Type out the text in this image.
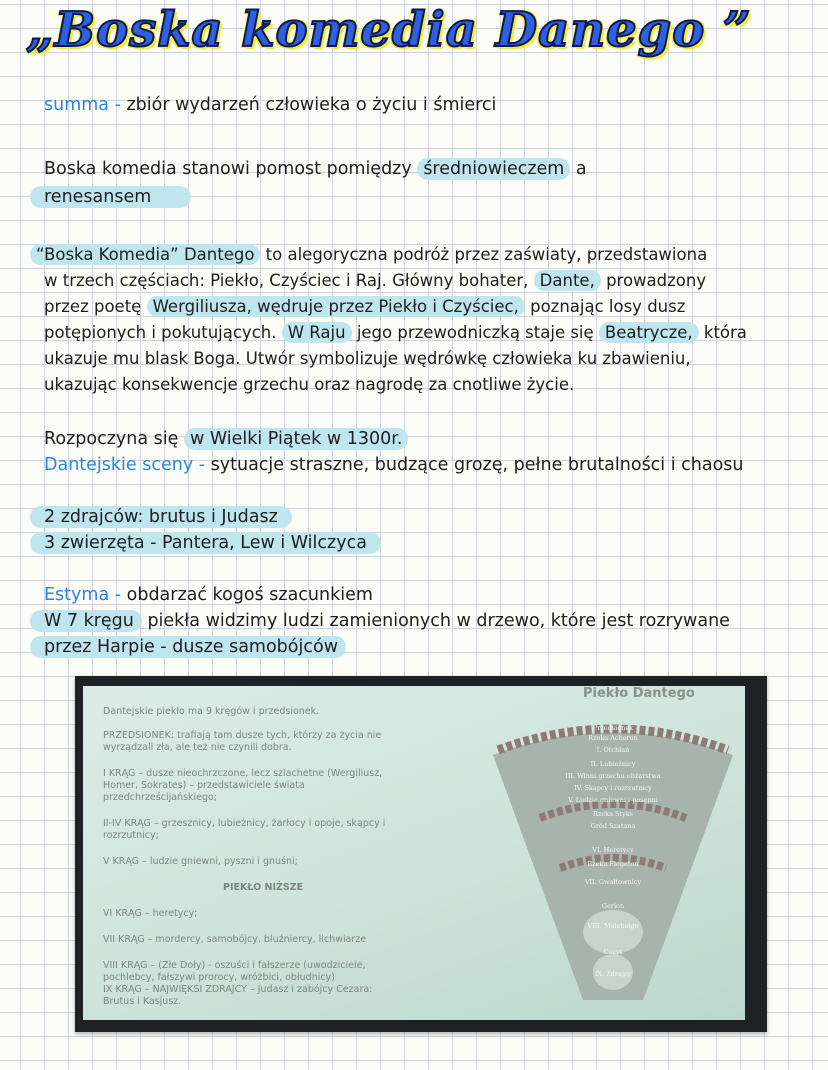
„Boska komedia Danego ”
summa - zbiór wydarzeń człowieka o życiu i śmierci
Boska komedia stanowi pomost pomiędzy średniowieczem a
renesansem
“Boska Komedia” Dantego to alegoryczna podróż przez zaświaty, przedstawiona
w trzech częściach: Piekło, Czyściec i Raj. Główny bohater, Dante, prowadzony
przez poetę Wergiliusza, wędruje przez Piekło i Czyściec, poznając losy dusz
potępionych i pokutujących. W Raju jego przewodniczką staje się Beatrycze, która
ukazuje mu blask Boga. Utwór symbolizuje wędrówkę człowieka ku zbawieniu,
ukazując konsekwencje grzechu oraz nagrodę za cnotliwe życie.
Rozpoczyna się w Wielki Piątek w 1300r.
Dantejskie sceny - sytuacje straszne, budzące grozę, pełne brutalności i chaosu
2 zdrajców: brutus i Judasz
3 zwierzęta - Pantera, Lew i Wilczyca
Estyma - obdarzać kogoś szacunkiem
W 7 kręgu piekła widzimy ludzi zamienionych w drzewo, które jest rozrywane
przez Harpie - dusze samobójców
Piekło Dantego
Dantejskie piekło ma 9 kręgów i przedsionek.
PRZEDSIONEK: trafiają tam dusze tych, którzy za życia nie
wyrządzali zła, ale też nie czynili dobra.
I KRĄG – dusze nieochrzczone, lecz szlachetne (Wergiliusz,
Homer, Sokrates) – przedstawiciele świata
przedchrześcijańskiego;
II-IV KRĄG – grzesznicy, lubieżnicy, żarłocy i opoje, skąpcy i
rozrzutnicy;
V KRĄG – ludzie gniewni, pyszni i gnuśni;
PIEKŁO NIŻSZE
VI KRĄG – heretycy;
VII KRĄG – mordercy, samobójcy, bluźniercy, lichwiarze
VIII KRĄG – (Złe Doły) - oszuści i fałszerze (uwodziciele,
pochlebcy, fałszywi prorocy, wróżbici, obłudnicy)
IX KRĄG – NAJWIĘKSI ZDRAJCY – Judasz i zabójcy Cezara:
Brutus i Kasjusz.
Przedsionek
Rzeka Acheron
I. Otchłań
II. Lubieżnicy
III. Winni grzechu obżarstwa
IV. Skąpcy i rozrzutnicy
V. Ludzie gniewni i posępni
Rzeka Styks
Gród Szatana
VI. Heretycy
Rzeka Flegeton
VII. Gwałtownicy
Gerion
VIII. Malebolge
Cocyt
IX. Zdrajcy
